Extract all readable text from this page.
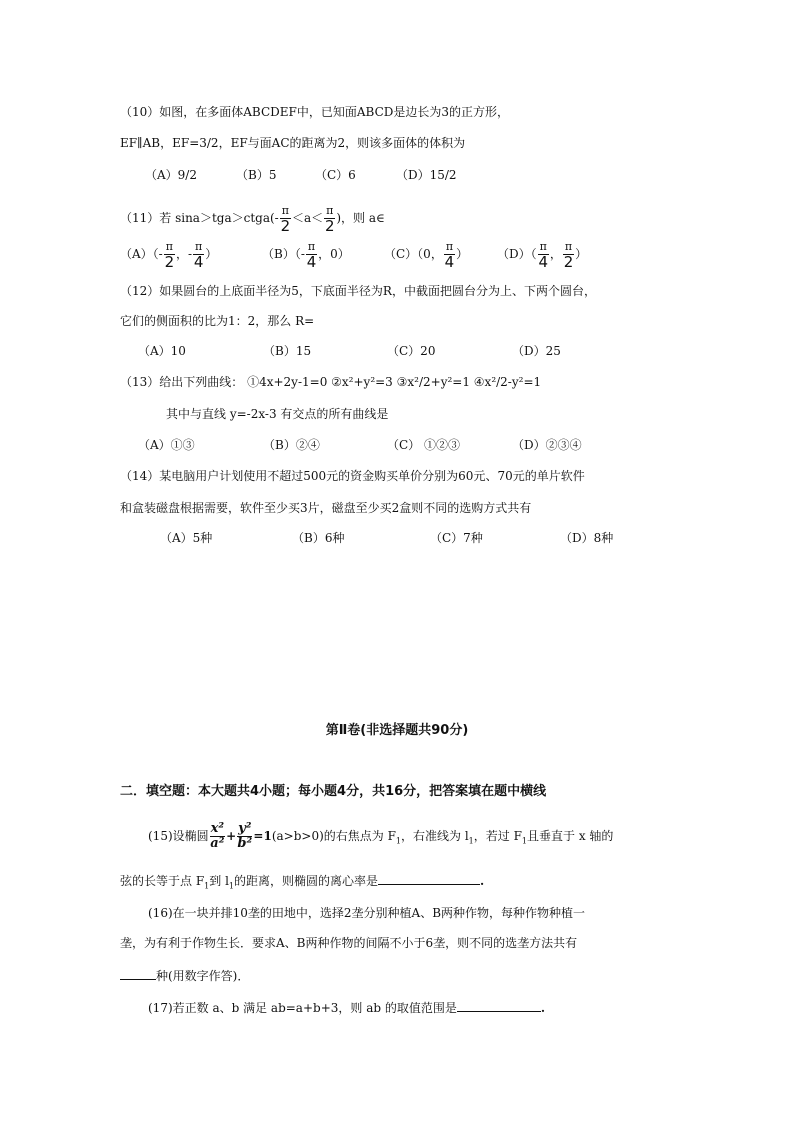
（10）如图，在多面体ABCDEF中，已知面ABCD是边长为3的正方形，
EF∥AB，EF=3/2，EF与面AC的距离为2，则该多面体的体积为
（A）9/2	（B）5	（C）6	（D）15/2
（11）若 sina＞tga＞ctga(- $\frac{\pi}{2} <a< \frac{\pi}{2}$ )，则 a∈
$(A)(- \frac{\pi}{2}$ ，- $\frac{\pi}{4}$ ）	$(B)(- \frac{\pi}{4}$ ，0）	（C）（0， $\frac{\pi}{4}$ ） $(D)( \frac{\pi}{4}$ ， $\frac{\pi}{2}$ ）
（12）如果圆台的上底面半径为5，下底面半径为R，中截面把圆台分为上、下两个圆台，
它们的侧面积的比为1：2，那么 R=
（A）10	（B）15	（C）20	（D）25
（13）给出下列曲线： ①4x+2y-1=0 ②x²+y²=3 ③x²/2+y²=1 ④x²/2-y²=1
其中与直线 y=-2x-3 有交点的所有曲线是
（A）①③	（B）②④	（C） ①②③	（D）②③④
（14）某电脑用户计划使用不超过500元的资金购买单价分别为60元、70元的单片软件
和盒装磁盘根据需要，软件至少买3片，磁盘至少买2盒则不同的选购方式共有
（A）5种	（B）6种	（C）7种	（D）8种
第Ⅱ卷(非选择题共90分)
二．填空题：本大题共4小题；每小题4分，共16分，把答案填在题中横线
(15)设椭圆 $\frac{\text{x²}}{\text{a²}} + \frac{\text{y²}}{\text{b²}} =1(a>b>0)$的右焦点为 $F_1$，右准线为 $l_1$，若过 $F_1$且垂直于 x 轴的
弦的长等于点 $F_1$到 $l_1$的距离，则椭圆的离心率是	.
(16)在一块并排10垄的田地中，选择2垄分别种植A、B两种作物，每种作物种植一
垄，为有利于作物生长．要求A、B两种作物的间隔不小于6垄，则不同的选垄方法共有
种(用数字作答)．
(17)若正数 a、b 满足 ab=a+b+3，则 ab 的取值范围是	.
